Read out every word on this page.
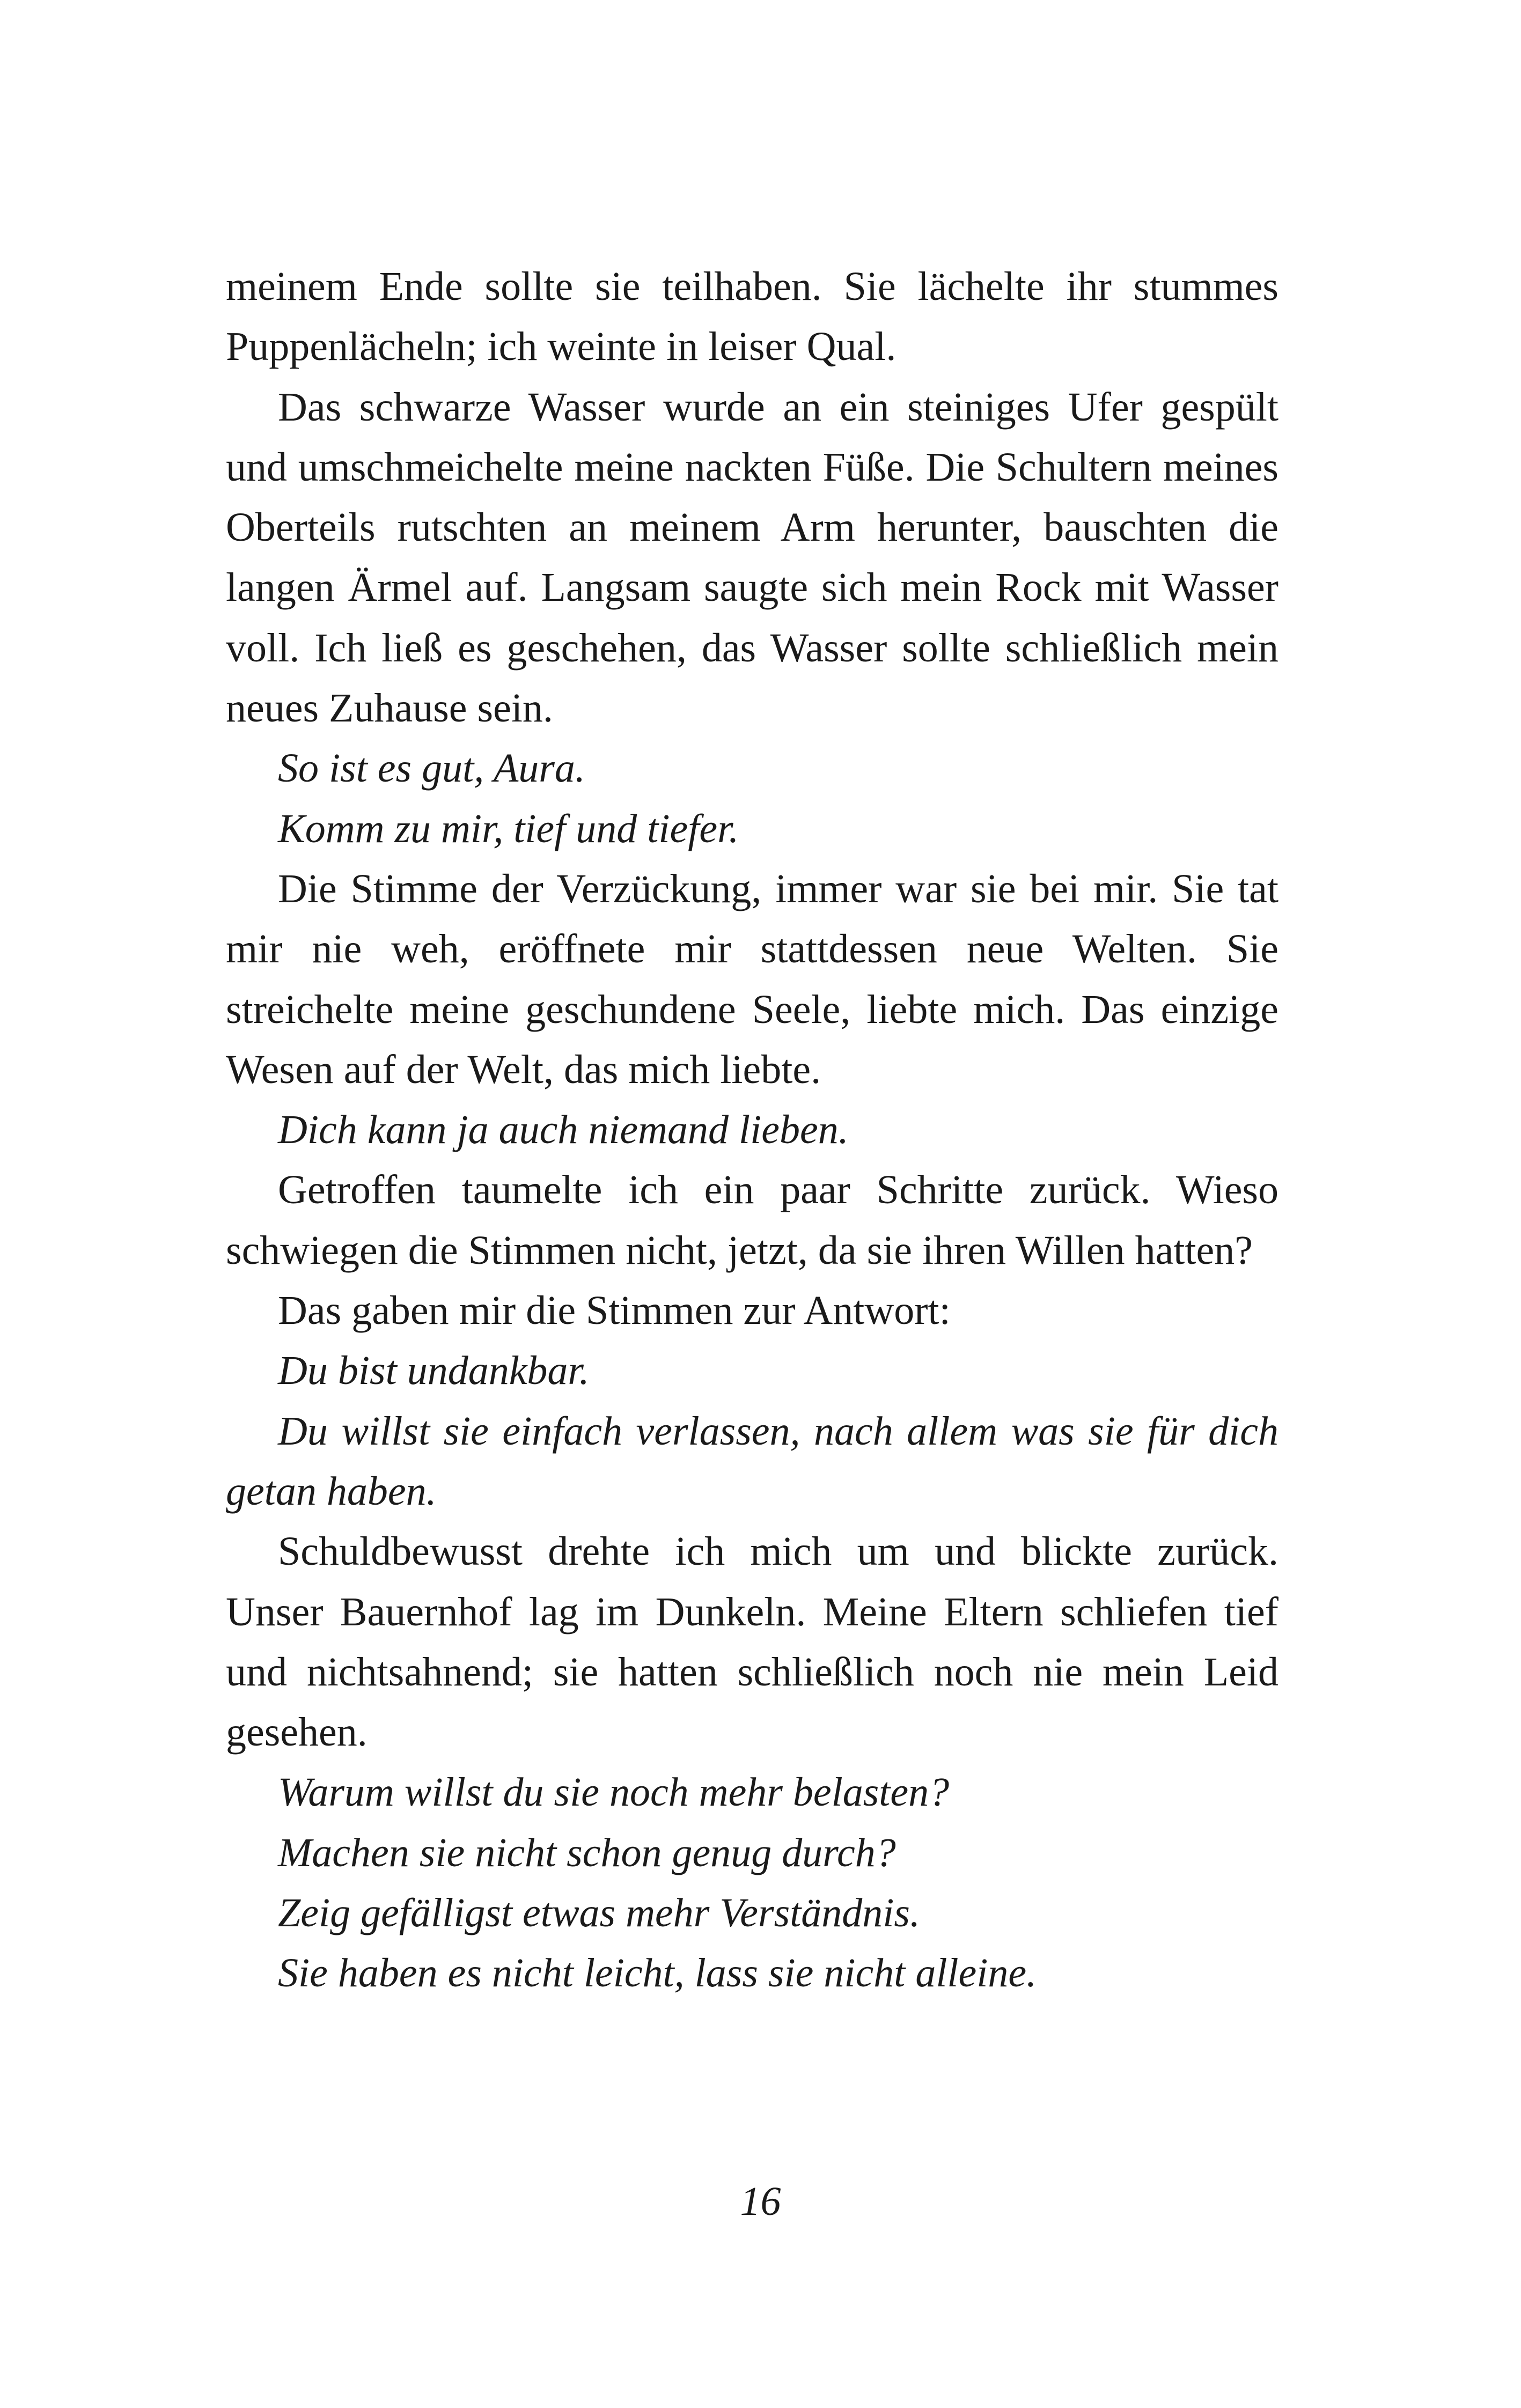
meinem Ende sollte sie teilhaben. Sie lächelte ihr stummes Puppenlächeln; ich weinte in leiser Qual.

Das schwarze Wasser wurde an ein steiniges Ufer gespült und umschmeichelte meine nackten Füße. Die Schultern meines Oberteils rutschten an meinem Arm herunter, bauschten die langen Ärmel auf. Langsam saugte sich mein Rock mit Wasser voll. Ich ließ es geschehen, das Wasser sollte schließlich mein neues Zuhause sein.

So ist es gut, Aura.

Komm zu mir, tief und tiefer.

Die Stimme der Verzückung, immer war sie bei mir. Sie tat mir nie weh, eröffnete mir stattdessen neue Welten. Sie streichelte meine geschundene Seele, liebte mich. Das einzige Wesen auf der Welt, das mich liebte.

Dich kann ja auch niemand lieben.

Getroffen taumelte ich ein paar Schritte zurück. Wieso schwiegen die Stimmen nicht, jetzt, da sie ihren Willen hatten?

Das gaben mir die Stimmen zur Antwort:

Du bist undankbar.

Du willst sie einfach verlassen, nach allem was sie für dich getan haben.

Schuldbewusst drehte ich mich um und blickte zurück. Unser Bauernhof lag im Dunkeln. Meine Eltern schliefen tief und nichtsahnend; sie hatten schließlich noch nie mein Leid gesehen.

Warum willst du sie noch mehr belasten?

Machen sie nicht schon genug durch?

Zeig gefälligst etwas mehr Verständnis.

Sie haben es nicht leicht, lass sie nicht alleine.

16
